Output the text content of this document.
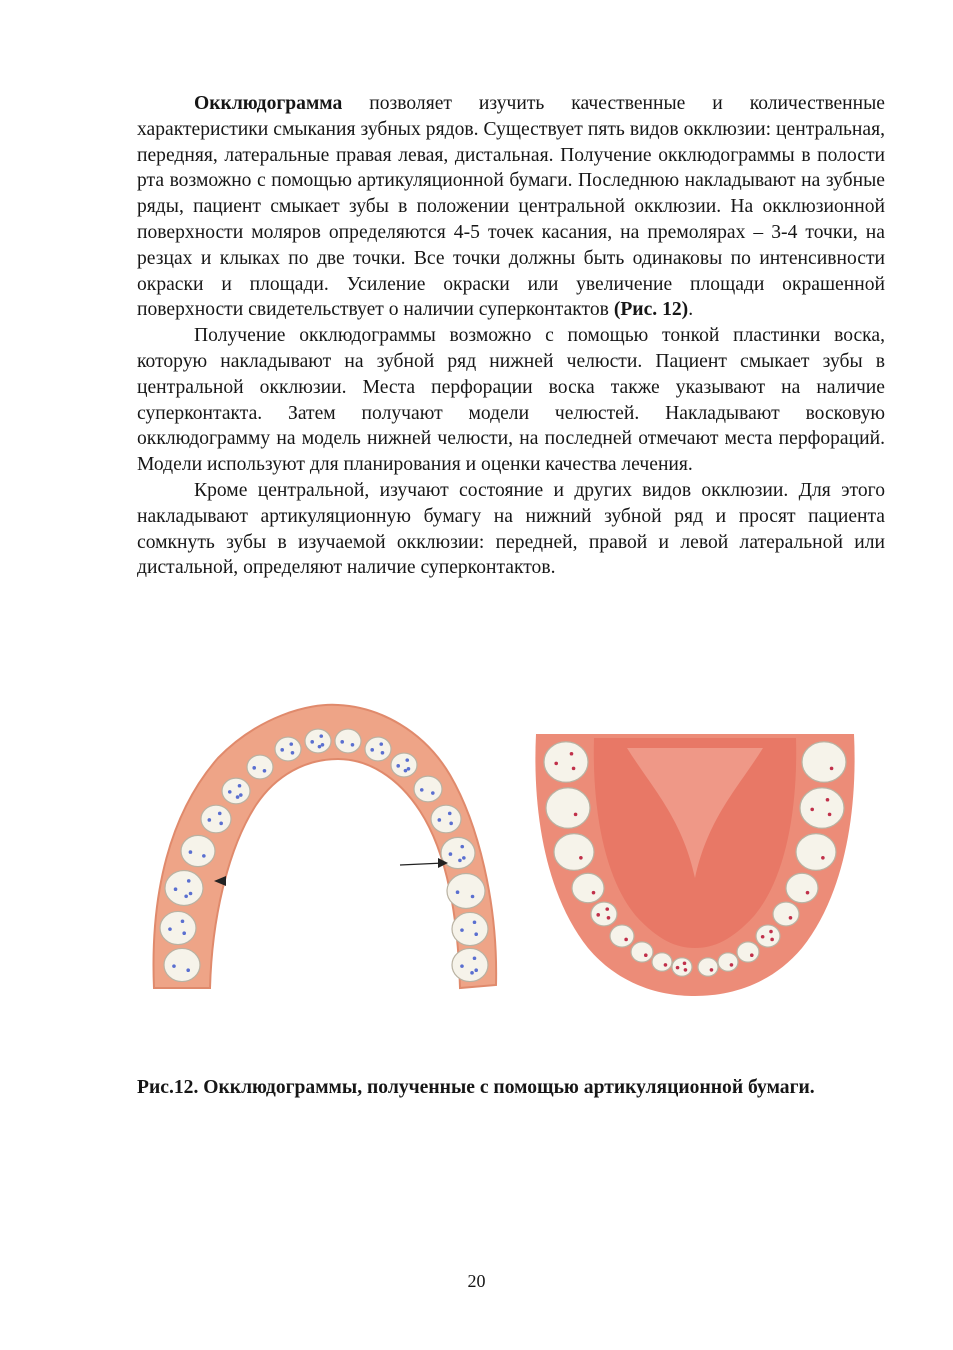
Окклюдограмма позволяет изучить качественные и количественные характеристики смыкания зубных рядов. Существует пять видов окклюзии: центральная, передняя, латеральные правая левая, дистальная. Получение окклюдограммы в полости рта возможно с помощью артикуляционной бумаги. Последнюю накладывают на зубные ряды, пациент смыкает зубы в положении центральной окклюзии. На окклюзионной поверхности моляров определяются 4-5 точек касания, на премолярах – 3-4 точки, на резцах и клыках по две точки. Все точки должны быть одинаковы по интенсивности окраски и площади. Усиление окраски или увеличение площади окрашенной поверхности свидетельствует о наличии суперконтактов (Рис. 12).

Получение окклюдограммы возможно с помощью тонкой пластинки воска, которую накладывают на зубной ряд нижней челюсти. Пациент смыкает зубы в центральной окклюзии. Места перфорации воска также указывают на наличие суперконтакта. Затем получают модели челюстей. Накладывают восковую окклюдограмму на модель нижней челюсти, на последней отмечают места перфораций. Модели используют для планирования и оценки качества лечения.

Кроме центральной, изучают состояние и других видов окклюзии. Для этого накладывают артикуляционную бумагу на нижний зубной ряд и просят пациента сомкнуть зубы в изучаемой окклюзии: передней, правой и левой латеральной или дистальной, определяют наличие суперконтактов.

Рис.12. Окклюдограммы, полученные с помощью артикуляционной бумаги.

20
